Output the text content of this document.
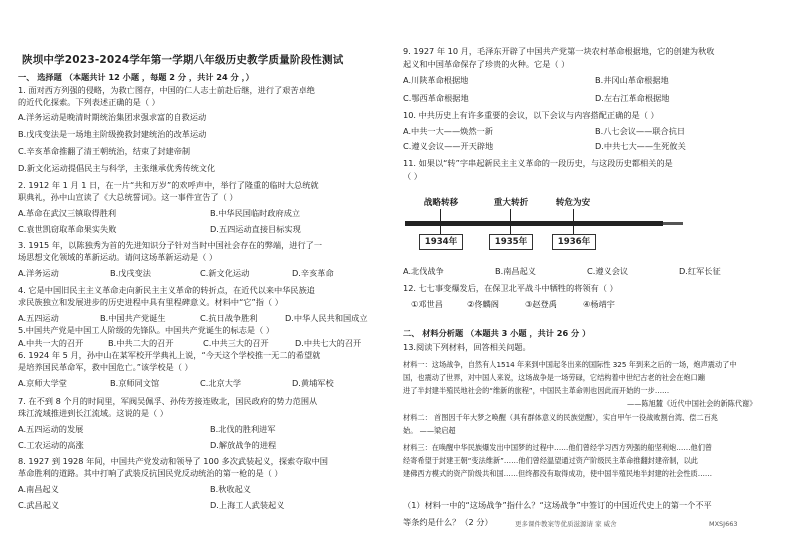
陕坝中学2023-2024学年第一学期八年级历史教学质量阶段性测试
一、 选择题 （本题共计 12 小题 ，每题 2 分 ，共计 24 分 ，）
1. 面对西方列强的侵略，为救亡图存，中国的仁人志士前赴后继，进行了艰苦卓绝
的近代化探索。下列表述正确的是（ ）
A.洋务运动是晚清时期统治集团求强求富的自救运动
B.戊戌变法是一场地主阶级挽救封建统治的改革运动
C.辛亥革命推翻了清王朝统治，结束了封建帝制
D.新文化运动提倡民主与科学，主张继承优秀传统文化
2. 1912 年 1 月 1 日，在一片“共和万岁”的欢呼声中，举行了隆重的临时大总统就
职典礼，孙中山宣读了《大总统誓词》。这一事件宣告了（ ）
A.革命在武汉三镇取得胜利	B.中华民国临时政府成立
C.袁世凯窃取革命果实失败	D.五四运动直接目标实现
3. 1915 年，以陈独秀为首的先进知识分子针对当时中国社会存在的弊端，进行了一
场思想文化领域的革新运动。请问这场革新运动是（ ）
A.洋务运动	B.戊戌变法	C.新文化运动	D.辛亥革命
4. 它是中国旧民主主义革命走向新民主主义革命的转折点，在近代以来中华民族追
求民族独立和发展进步的历史进程中具有里程碑意义。材料中“它”指（ ）
A.五四运动	B.中国共产党诞生	C.抗日战争胜利	D.中华人民共和国成立
5.中国共产党是中国工人阶级的先锋队。中国共产党诞生的标志是（ ）
A.中共一大的召开	B.中共二大的召开	C.中共三大的召开	D.中共七大的召开
6. 1924 年 5 月，孙中山在某军校开学典礼上说，“今天这个学校推一无二的希望就
是培养国民革命军，救中国危亡。”该学校是（ ）
A.京师大学堂	B.京师同文馆	C.北京大学	D.黄埔军校
7. 在不到 8 个月的时间里，军阀吴佩孚、孙传芳接连败北，国民政府的势力范围从
珠江流域推进到长江流域。这说的是（ ）
A.五四运动的发展	B.北伐的胜利进军
C.工农运动的高涨	D.解放战争的进程
8. 1927 到 1928 年间，中国共产党发动和领导了 100 多次武装起义，探索夺取中国
革命胜利的道路。其中打响了武装反抗国民党反动统治的第一枪的是（ ）
A.南昌起义	B.秋收起义
C.武昌起义	D.上海工人武装起义
9. 1927 年 10 月，毛泽东开辟了中国共产党第一块农村革命根据地，它的创建为秋收
起义和中国革命保存了珍贵的火种。它是（ ）
A.川陕革命根据地	B.井冈山革命根据地
C.鄂西革命根据地	D.左右江革命根据地
10. 中共历史上有许多重要的会议，以下会议与内容搭配正确的是（ ）
A.中共一大——焕然一新	B.八七会议——联合抗日
C.遵义会议——开天辟地	D.中共七大——生死攸关
11. 如果以“转”字串起新民主主义革命的一段历史，与这段历史都相关的是
（ ）
战略转移	重大转折	转危为安
1934年	1935年	1936年
A.北伐战争	B.南昌起义	C.遵义会议	D.红军长征
12. 七七事变爆发后，在保卫北平战斗中牺牲的将领有（ ）
①邓世昌	②佟麟阁	③赵登禹	④杨靖宇
二、 材料分析题 （本题共 3 小题 ，共计 26 分 ）
13.阅读下列材料，回答相关问题。
材料一：这场战争，自然有人1514 年来到中国起冬出来的国际性 325 年到来之后的一场，炮声震动了中
国，也震动了世界，对中国人来说，这场战争是一场劳碌，它结构着中世纪古老的社会在炮口蹦
进了半封建半殖民地社会的“维新的旅程”，中国民主革命则也因此而开始的一步……
——陈旭麓《近代中国社会的新陈代谢》
材料二： 首图因千年大梦之唤醒（具有群体意义的民族觉醒），实自甲午一役战败割台湾、偿二百兆
始。 ——梁启超
材料三：在唤醒中华民族爆发出中国梦的过程中……他们曾经学习西方列强的船坚利炮……他们曾
经寄希望于封建王朝“变法维新”……他们曾经温望通过资产阶级民主革命推翻封建帝制，以此
建佛西方模式的资产阶级共和国……但终都没有取得成功，使中国半殖民地半封建的社会性质……
（1）材料一中的“这场战争”指什么？“这场战争”中签订的中国近代史上的第一个不平
等条约是什么？（2 分）	更多课件教案等优质滋源请 家 威舍	MXSJ663
